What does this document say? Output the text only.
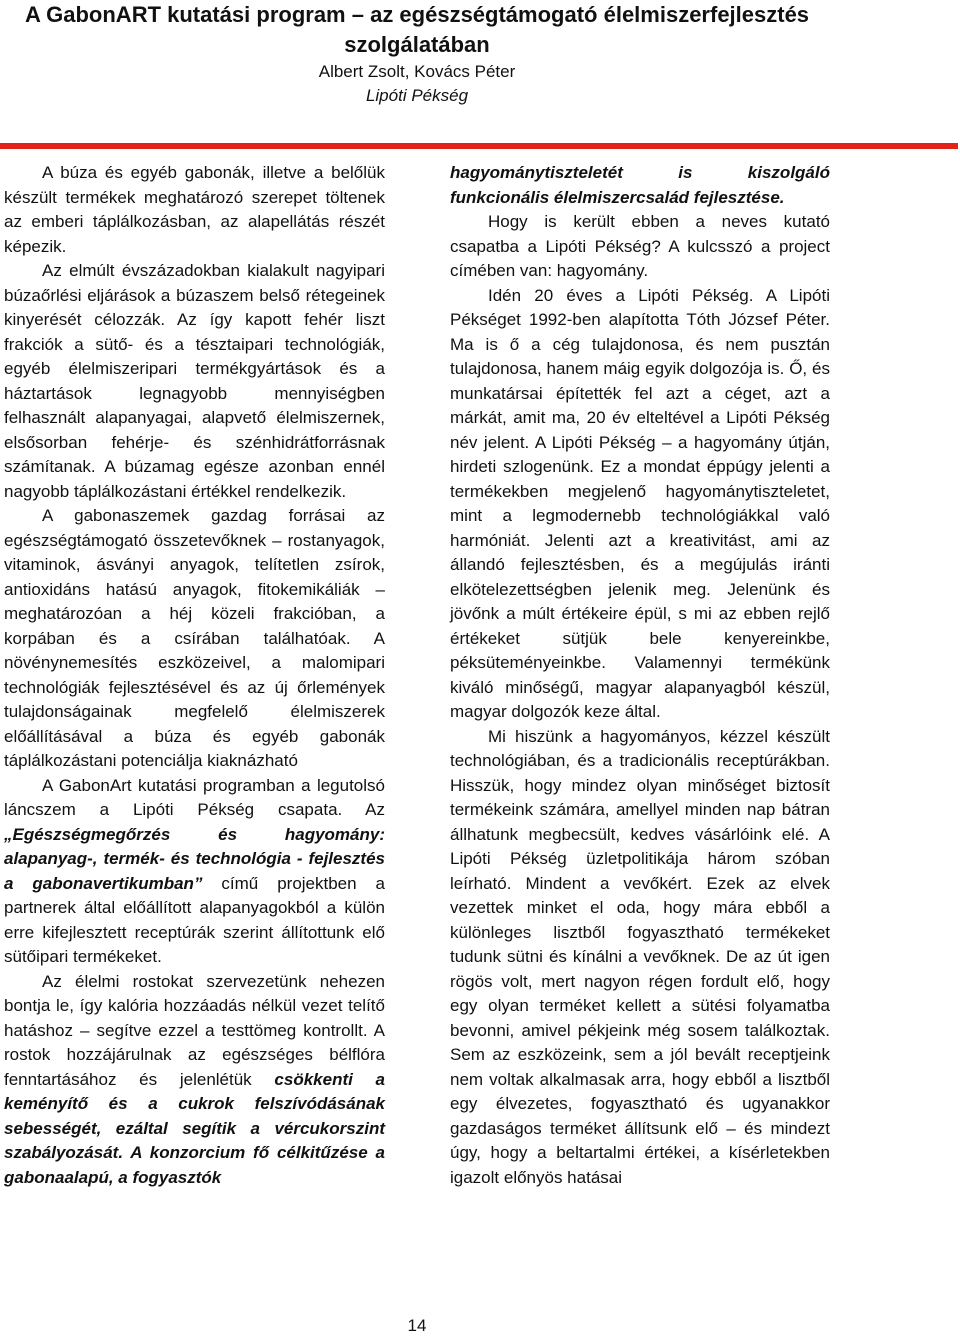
A GabonART kutatási program – az egészségtámogató élelmiszerfejlesztés szolgálatában
Albert Zsolt, Kovács Péter
Lipóti Pékség

A búza és egyéb gabonák, illetve a belőlük készült termékek meghatározó szerepet töltenek az emberi táplálkozásban, az alapellátás részét képezik.

Az elmúlt évszázadokban kialakult nagyipari búzaőrlési eljárások a búzaszem belső rétegeinek kinyerését célozzák. Az így kapott fehér liszt frakciók a sütő- és a tésztaipari technológiák, egyéb élelmiszeripari termékgyártások és a háztartások legnagyobb mennyiségben felhasznált alapanyagai, alapvető élelmiszernek, elsősorban fehérje- és szénhidrátforrásnak számítanak. A búzamag egésze azonban ennél nagyobb táplálkozástani értékkel rendelkezik.

A gabonaszemek gazdag forrásai az egészségtámogató összetevőknek – rostanyagok, vitaminok, ásványi anyagok, telítetlen zsírok, antioxidáns hatású anyagok, fitokemikáliák – meghatározóan a héj közeli frakcióban, a korpában és a csírában találhatóak. A növénynemesítés eszközeivel, a malomipari technológiák fejlesztésével és az új őrlemények tulajdonságainak megfelelő élelmiszerek előállításával a búza és egyéb gabonák táplálkozástani potenciálja kiaknázható

A GabonArt kutatási programban a legutolsó láncszem a Lipóti Pékség csapata. Az „Egészségmegőrzés és hagyomány: alapanyag-, termék- és technológia - fejlesztés a gabonavertikumban” című projektben a partnerek által előállított alapanyagokból a külön erre kifejlesztett receptúrák szerint állítottunk elő sütőipari termékeket.

Az élelmi rostokat szervezetünk nehezen bontja le, így kalória hozzáadás nélkül vezet telítő hatáshoz – segítve ezzel a testtömeg kontrollt. A rostok hozzájárulnak az egészséges bélflóra fenntartásához és jelenlétük csökkenti a keményítő és a cukrok felszívódásának sebességét, ezáltal segítik a vércukorszint szabályozását. A konzorcium fő célkitűzése a gabonaalapú, a fogyasztók

hagyománytiszteletét is kiszolgáló funkcionális élelmiszercsalád fejlesztése.

Hogy is került ebben a neves kutató csapatba a Lipóti Pékség? A kulcsszó a project címében van: hagyomány.

Idén 20 éves a Lipóti Pékség. A Lipóti Pékséget 1992-ben alapította Tóth József Péter. Ma is ő a cég tulajdonosa, és nem pusztán tulajdonosa, hanem máig egyik dolgozója is. Ő, és munkatársai építették fel azt a céget, azt a márkát, amit ma, 20 év elteltével a Lipóti Pékség név jelent. A Lipóti Pékség – a hagyomány útján, hirdeti szlogenünk. Ez a mondat éppúgy jelenti a termékekben megjelenő hagyománytiszteletet, mint a legmodernebb technológiákkal való harmóniát. Jelenti azt a kreativitást, ami az állandó fejlesztésben, és a megújulás iránti elkötelezettségben jelenik meg. Jelenünk és jövőnk a múlt értékeire épül, s mi az ebben rejlő értékeket sütjük bele kenyereinkbe, péksüteményeinkbe. Valamennyi termékünk kiváló minőségű, magyar alapanyagból készül, magyar dolgozók keze által.

Mi hiszünk a hagyományos, kézzel készült technológiában, és a tradicionális receptúrákban. Hisszük, hogy mindez olyan minőséget biztosít termékeink számára, amellyel minden nap bátran állhatunk megbecsült, kedves vásárlóink elé. A Lipóti Pékség üzletpolitikája három szóban leírható. Mindent a vevőkért. Ezek az elvek vezettek minket el oda, hogy mára ebből a különleges lisztből fogyasztható termékeket tudunk sütni és kínálni a vevőknek. De az út igen rögös volt, mert nagyon régen fordult elő, hogy egy olyan terméket kellett a sütési folyamatba bevonni, amivel pékjeink még sosem találkoztak. Sem az eszközeink, sem a jól bevált receptjeink nem voltak alkalmasak arra, hogy ebből a lisztből egy élvezetes, fogyasztható és ugyanakkor gazdaságos terméket állítsunk elő – és mindezt úgy, hogy a beltartalmi értékei, a kísérletekben igazolt előnyös hatásai

14
